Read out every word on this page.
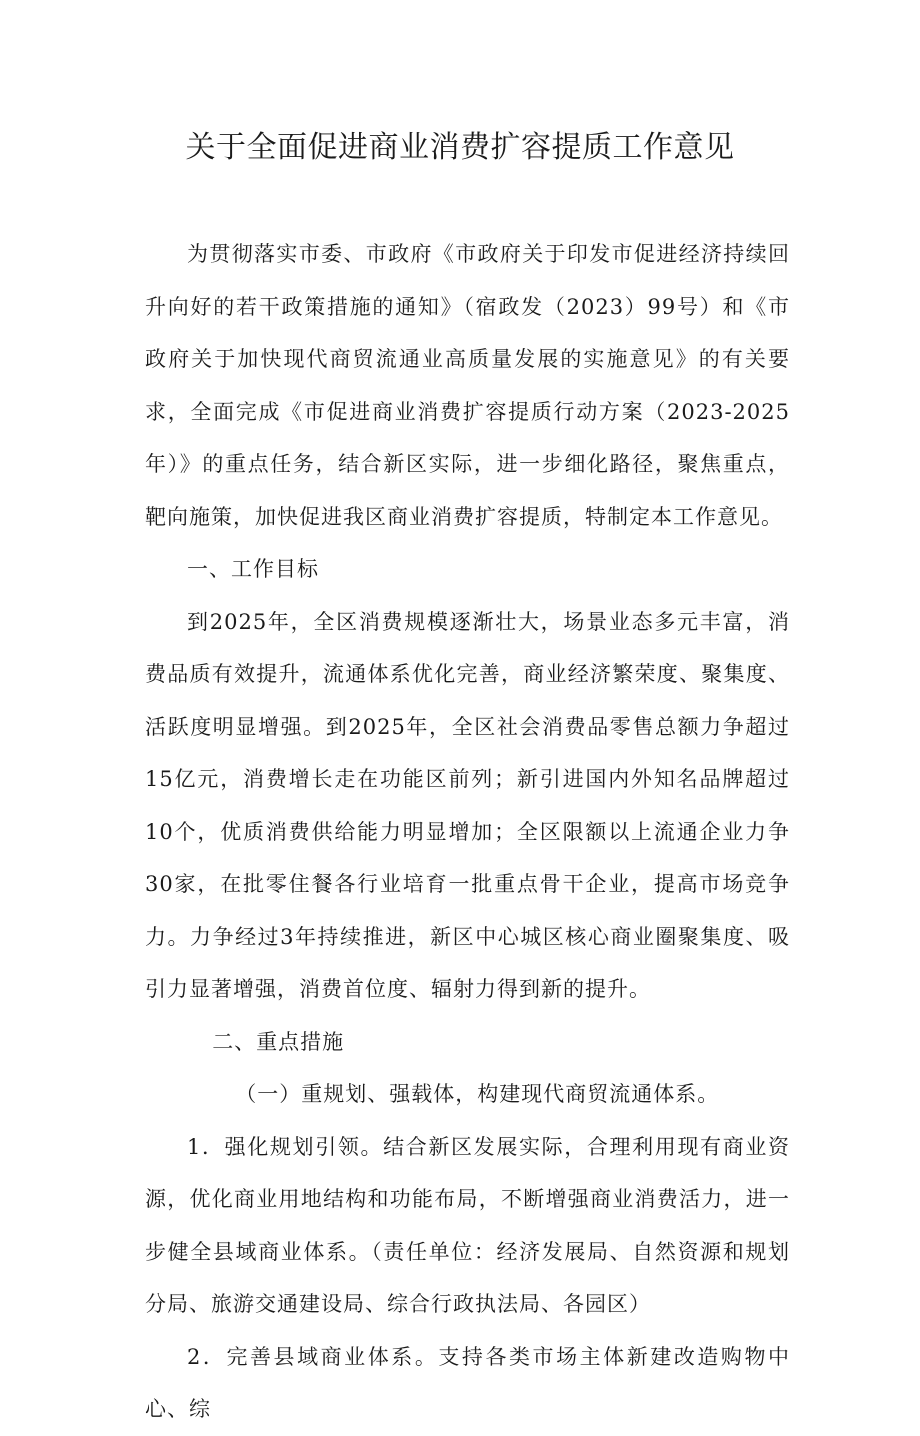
关于全面促进商业消费扩容提质工作意见

为贯彻落实市委、市政府《市政府关于印发市促进经济持续回升向好的若干政策措施的通知》（宿政发（2023）99号）和《市政府关于加快现代商贸流通业高质量发展的实施意见》的有关要求，全面完成《市促进商业消费扩容提质行动方案（2023-2025年）》的重点任务，结合新区实际，进一步细化路径，聚焦重点，靶向施策，加快促进我区商业消费扩容提质，特制定本工作意见。

一、工作目标

到2025年，全区消费规模逐渐壮大，场景业态多元丰富，消费品质有效提升，流通体系优化完善，商业经济繁荣度、聚集度、活跃度明显增强。到2025年，全区社会消费品零售总额力争超过15亿元，消费增长走在功能区前列；新引进国内外知名品牌超过10个，优质消费供给能力明显增加；全区限额以上流通企业力争30家，在批零住餐各行业培育一批重点骨干企业，提高市场竞争力。力争经过3年持续推进，新区中心城区核心商业圈聚集度、吸引力显著增强，消费首位度、辐射力得到新的提升。

二、重点措施

（一）重规划、强载体，构建现代商贸流通体系。

1．强化规划引领。结合新区发展实际，合理利用现有商业资源，优化商业用地结构和功能布局，不断增强商业消费活力，进一步健全县域商业体系。（责任单位：经济发展局、自然资源和规划分局、旅游交通建设局、综合行政执法局、各园区）

2．完善县域商业体系。支持各类市场主体新建改造购物中心、综
